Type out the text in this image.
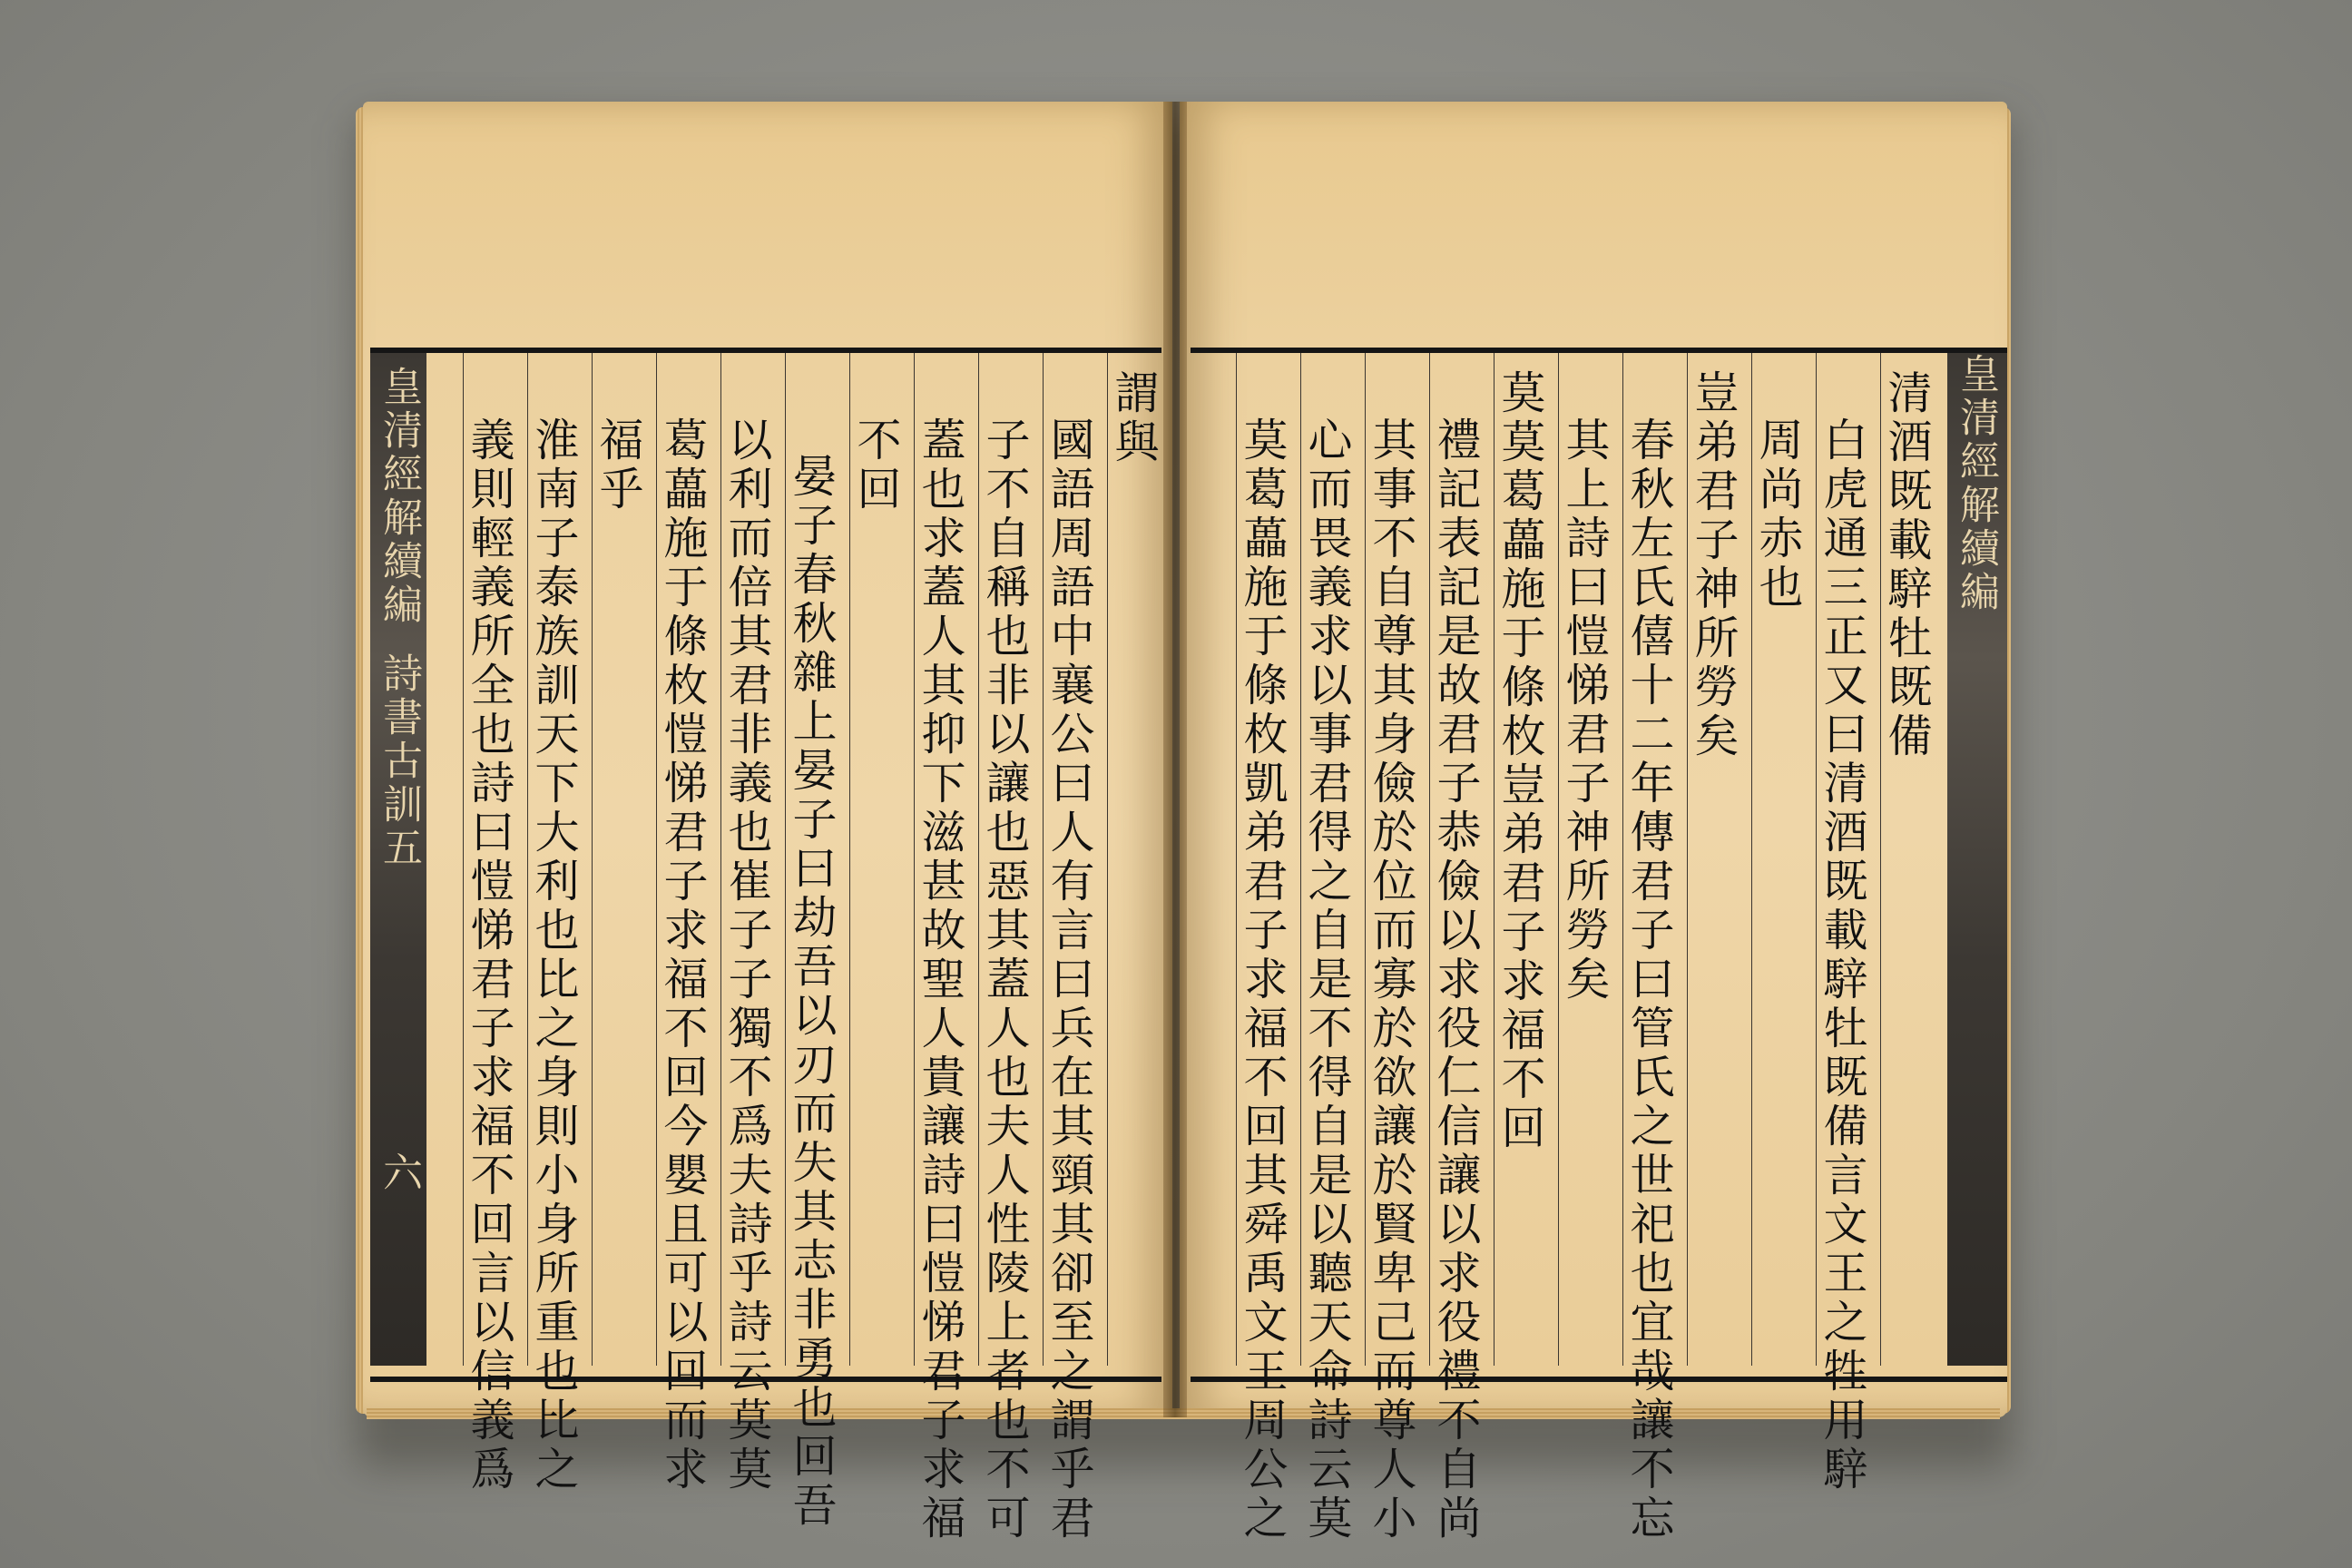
皇清經解續編
詩書古訓五
六
謂與
國語周語中襄公曰人有言曰兵在其頸其卻至之謂乎君
子不自稱也非以讓也惡其蓋人也夫人性陵上者也不可
蓋也求蓋人其抑下滋甚故聖人貴讓詩曰愷悌君子求福
不回
晏子春秋雜上晏子曰劫吾以刃而失其志非勇也回吾
以利而倍其君非義也崔子子獨不爲夫詩乎詩云莫莫
葛藟施于條枚愷悌君子求福不回今嬰且可以回而求
福乎
淮南子泰族訓天下大利也比之身則小身所重也比之
義則輕義所全也詩曰愷悌君子求福不回言以信義爲	清酒既載騂牡既備
白虎通三正又曰清酒既載騂牡既備言文王之牲用騂
周尚赤也
豈弟君子神所勞矣
春秋左氏僖十二年傳君子曰管氏之世祀也宜哉讓不忘
其上詩曰愷悌君子神所勞矣
莫莫葛藟施于條枚豈弟君子求福不回
禮記表記是故君子恭儉以求役仁信讓以求役禮不自尚
其事不自尊其身儉於位而寡於欲讓於賢卑己而尊人小
心而畏義求以事君得之自是不得自是以聽天命詩云莫
莫葛藟施于條枚凱弟君子求福不回其舜禹文王周公之	皇清經解續編
